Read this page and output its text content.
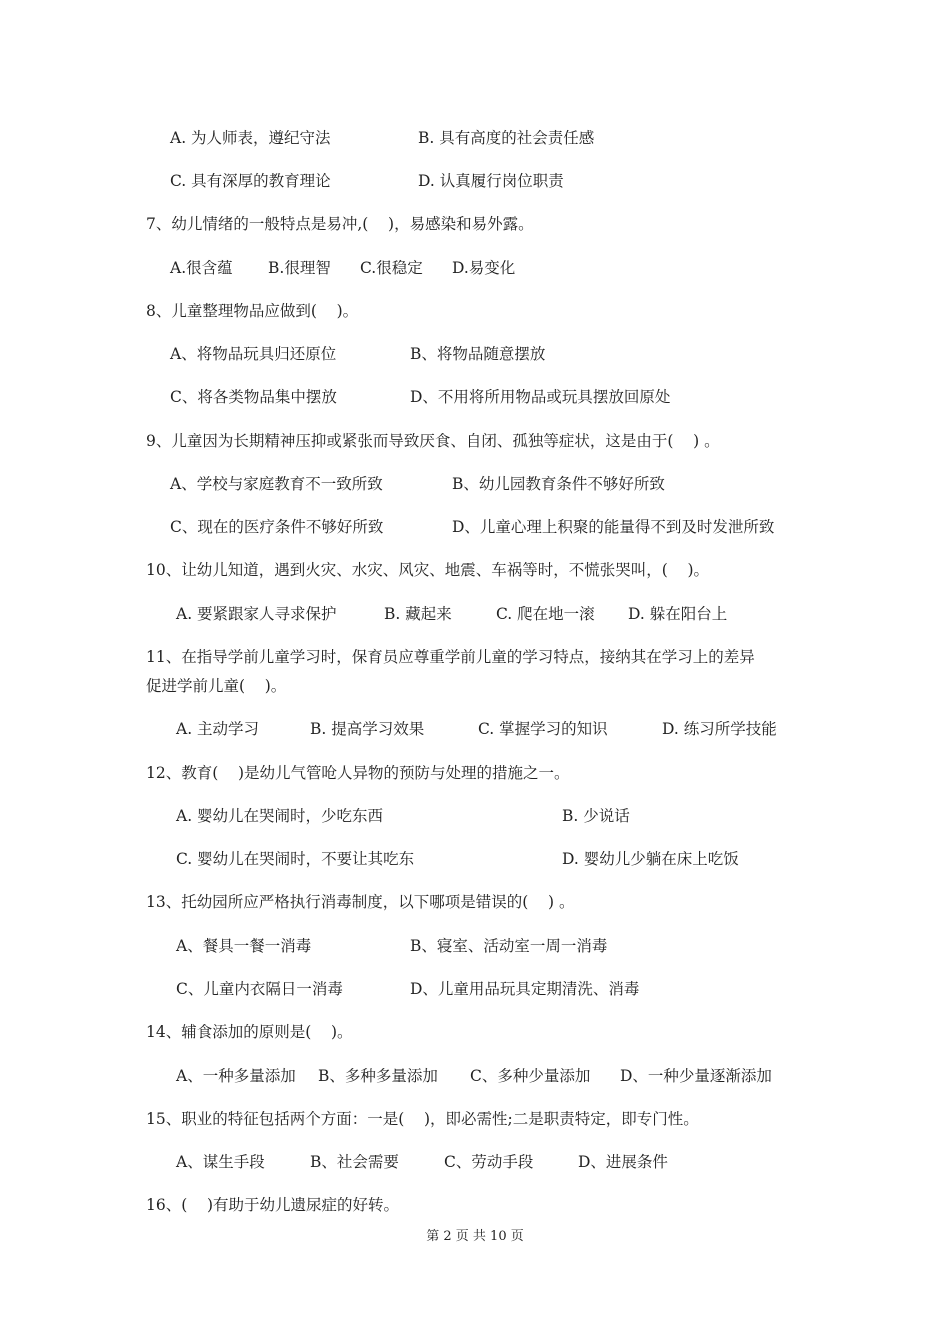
A. 为人师表，遵纪守法	B. 具有高度的社会责任感
C. 具有深厚的教育理论	D. 认真履行岗位职责
7、幼儿情绪的一般特点是易冲,(    )，易感染和易外露。
A.很含蕴 B.很理智 C.很稳定 D.易变化
8、儿童整理物品应做到(    )。
A、将物品玩具归还原位	B、将物品随意摆放
C、将各类物品集中摆放	D、不用将所用物品或玩具摆放回原处
9、儿童因为长期精神压抑或紧张而导致厌食、自闭、孤独等症状，这是由于(    ) 。
A、学校与家庭教育不一致所致	B、幼儿园教育条件不够好所致
C、现在的医疗条件不够好所致	D、儿童心理上积聚的能量得不到及时发泄所致
10、让幼儿知道，遇到火灾、水灾、风灾、地震、车祸等时，不慌张哭叫，(    )。
A. 要紧跟家人寻求保护	B. 藏起来	C. 爬在地一滚 D. 躲在阳台上
11、在指导学前儿童学习时，保育员应尊重学前儿童的学习特点，接纳其在学习上的差异
促进学前儿童(    )。
A. 主动学习	B. 提高学习效果	C. 掌握学习的知识	D. 练习所学技能
12、教育(    )是幼儿气管呛人异物的预防与处理的措施之一。
A. 婴幼儿在哭闹时，少吃东西	B. 少说话
C. 婴幼儿在哭闹时，不要让其吃东	D. 婴幼儿少躺在床上吃饭
13、托幼园所应严格执行消毒制度，以下哪项是错误的(    ) 。
A、餐具一餐一消毒	B、寝室、活动室一周一消毒
C、儿童内衣隔日一消毒	D、儿童用品玩具定期清洗、消毒
14、辅食添加的原则是(    )。
A、一种多量添加 B、多种多量添加 C、多种少量添加 D、一种少量逐渐添加
15、职业的特征包括两个方面：一是(    )，即必需性;二是职责特定，即专门性。
A、谋生手段	B、社会需要	C、劳动手段	D、进展条件
16、(    )有助于幼儿遗尿症的好转。
第 2 页 共 10 页
